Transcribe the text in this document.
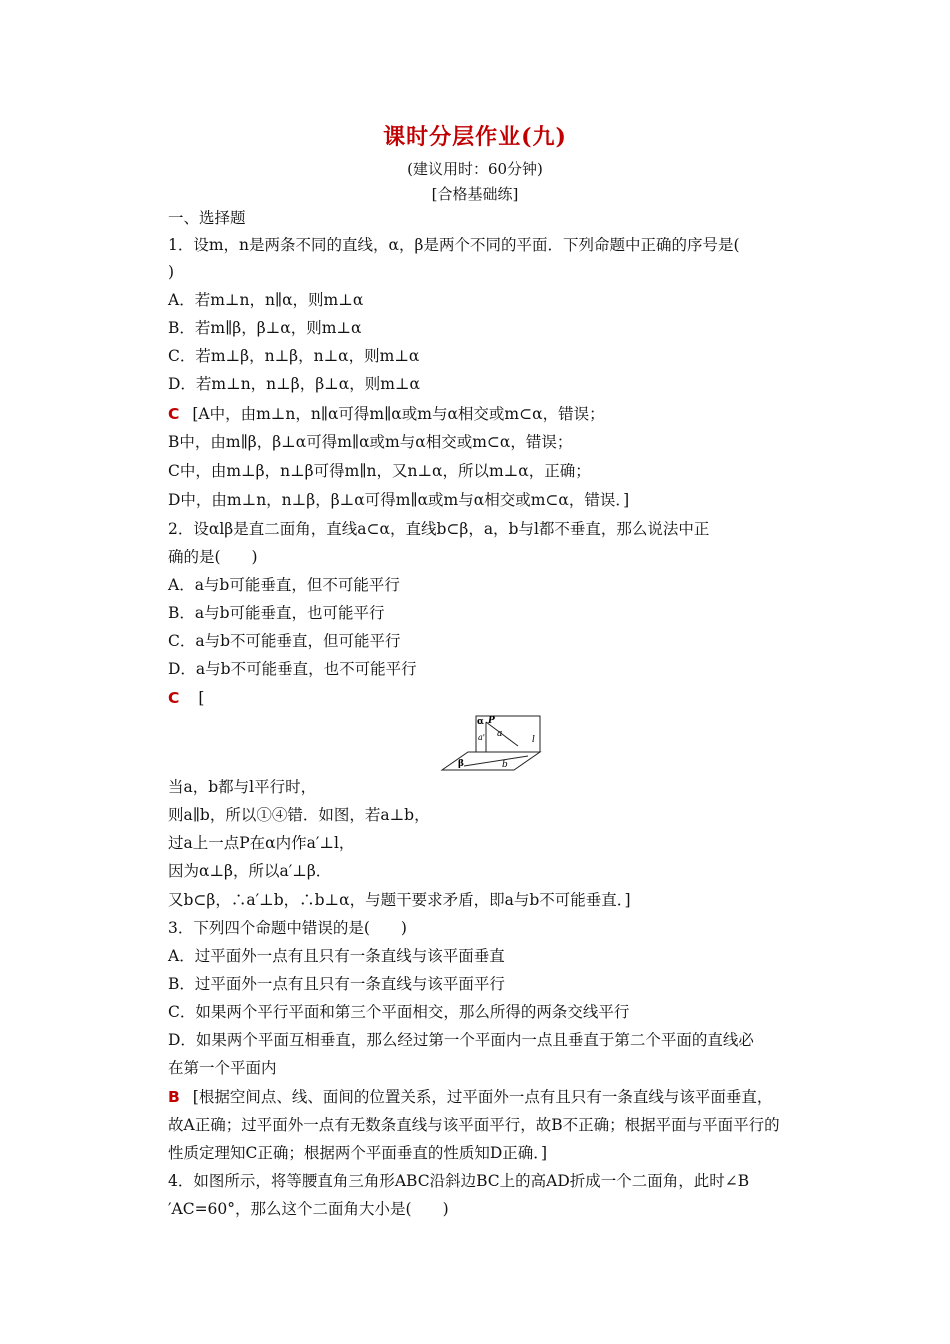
课时分层作业(九)
(建议用时：60分钟)
[合格基础练]
一、选择题
1．设m，n是两条不同的直线，α，β是两个不同的平面．下列命题中正确的序号是(
)
A．若m⊥n，n∥α，则m⊥α
B．若m∥β，β⊥α，则m⊥α
C．若m⊥β，n⊥β，n⊥α，则m⊥α
D．若m⊥n，n⊥β，β⊥α，则m⊥α
C [A中，由m⊥n，n∥α可得m∥α或m与α相交或m⊂α，错误；
B中，由m∥β，β⊥α可得m∥α或m与α相交或m⊂α，错误；
C中，由m⊥β，n⊥β可得m∥n，又n⊥α，所以m⊥α，正确；
D中，由m⊥n，n⊥β，β⊥α可得m∥α或m与α相交或m⊂α，错误．]
2．设αlβ是直二面角，直线a⊂α，直线b⊂β，a，b与l都不垂直，那么说法中正
确的是(　　)
A．a与b可能垂直，但不可能平行
B．a与b可能垂直，也可能平行
C．a与b不可能垂直，但可能平行
D．a与b不可能垂直，也不可能平行
C [
α P
a' a
l
β	b
当a，b都与l平行时，
则a∥b，所以①④错．如图，若a⊥b，
过a上一点P在α内作a′⊥l，
因为α⊥β，所以a′⊥β．
又b⊂β，∴a′⊥b，∴b⊥α，与题干要求矛盾，即a与b不可能垂直．]
3．下列四个命题中错误的是(　　)
A．过平面外一点有且只有一条直线与该平面垂直
B．过平面外一点有且只有一条直线与该平面平行
C．如果两个平行平面和第三个平面相交，那么所得的两条交线平行
D．如果两个平面互相垂直，那么经过第一个平面内一点且垂直于第二个平面的直线必
在第一个平面内
B [根据空间点、线、面间的位置关系，过平面外一点有且只有一条直线与该平面垂直，
故A正确；过平面外一点有无数条直线与该平面平行，故B不正确；根据平面与平面平行的
性质定理知C正确；根据两个平面垂直的性质知D正确．]
4．如图所示，将等腰直角三角形ABC沿斜边BC上的高AD折成一个二面角，此时∠B
′AC=60°，那么这个二面角大小是(　　)
